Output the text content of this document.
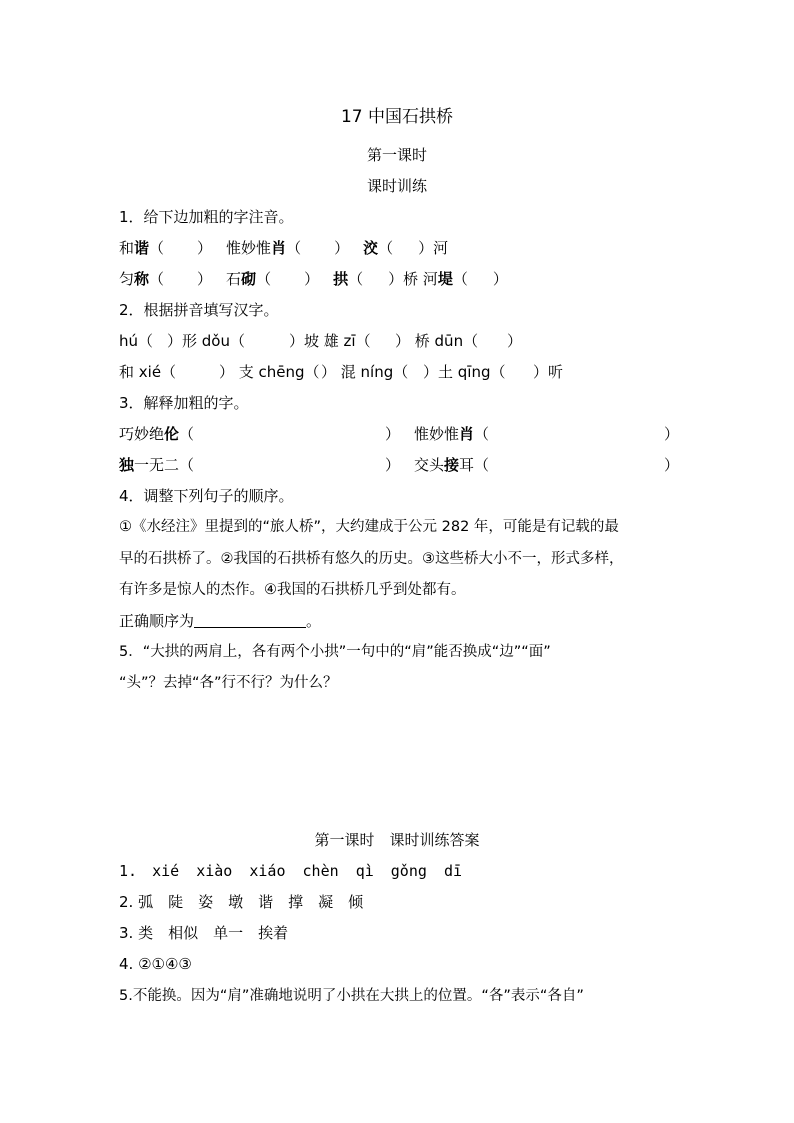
17 中国石拱桥
第一课时
课时训练
1．给下边加粗的字注音。
和谐（ ） 惟妙惟肖（ ） 洨（ ）河
匀称（ ） 石砌（ ） 拱（ ）桥 河堤（ ）
2．根据拼音填写汉字。
hú（ ）形 dǒu（	）坡 雄 zī（ ） 桥 dūn（ ）
和 xié（	） 支 chēng（） 混 níng（ ）土 qīng（ ）听
3．解释加粗的字。
巧妙绝伦（	） 惟妙惟肖（	）
独一无二（	） 交头接耳（	）
4．调整下列句子的顺序。
①《水经注》里提到的“旅人桥”，大约建成于公元 282 年，可能是有记载的最
早的石拱桥了。②我国的石拱桥有悠久的历史。③这些桥大小不一，形式多样，
有许多是惊人的杰作。④我国的石拱桥几乎到处都有。
正确顺序为	。
5．“大拱的两肩上，各有两个小拱”一句中的“肩”能否换成“边”“面”
“头”？去掉“各”行不行？为什么？
第一课时　课时训练答案
1. xié xiào xiáo chèn qì gǒng dī
2. 弧　陡　姿　墩　谐　撑　凝　倾
3. 类　相似　单一　挨着
4. ②①④③
5.不能换。因为“肩”准确地说明了小拱在大拱上的位置。“各”表示“各自”
